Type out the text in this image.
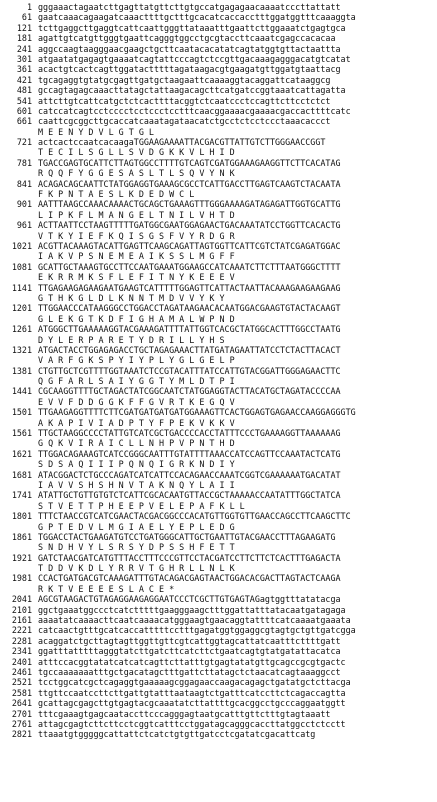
1 gggaaactagaatcttgagttatgttcttgtgccatgagagaacaaaatcccttattatt
61 gaatcaaacagaagatcaaacttttgctttgcacatcaccacctttggatggtttcaaaggta
121 tcttgaggcttgaggtcattcaattgggttataaatttgaattcttggaaatctgagtgca
181 agattgtcatgttgggtgaattcagggtggcctgcgtaccttcaaatcgagccacacaa
241 aggccaagtaagggaacgaagctgcttcaatacacatatcagtatggtgttactaattta
301 atgaatatgagagtgaaaatcagtattcccagtctccgttgacaaagagggacatgtcatat
361 acactgtcactcagttggatactttttagataagacgtgaagatgttggatgtaattacg
421 tgcagaggtgtatgcgagttgatgctaagaattcaaaaggtacaggattcataaggcg
481 gccagtagagcaaacttatagctattaagacagcttcatgatccggtaaatcattagatta
541 attcttgtcattcatgctctcacttttacggtctcaatccctccagttcttcctctct
601 catccatcagtcctcccctcctccctcctttcaacggaaaacgaaaacgaccacttttcatc
661 caattcgcggcttgcaccatcaaatagataacatctgcctctcctccctaaacaccct
M E E N Y D V L G T G L
721 actcactccaatcacaagaTGGAAGAAAATTACGACGTTATTGTCTTGGGAACCGGT
T E C I L S G L L S V D G K K V L H I D
781 TGACCGAGTGCATTCTTAGTGGCCTTTTGTCAGTCGATGGAAAGAAGGTTCTTCACATAG
R Q Q F Y G G E S A S L T L S Q V Y N K
841 ACAGACAGCAATTCTATGGAGGTGAAAGCGCCTCATTGACCTTGAGTCAAGTCTACAATA
F K P N T A E S L K D E D W C L
901 AATTTAAGCCAAACAAAACTGCAGCTGAAAGTTTGGGAAAAGATAGAGATTGGTGCATTG
L I P K F L M A N G E L T N I L V H T D
961 ACTTAATTCCTAAGTTTTTGATGGCGAATGGAGAACTGACAAATATCCTGGTTCACACTG
V T K Y I E F K Q I S G S F V Y R D G R
1021 ACGTTACAAAGTACATTGAGTTCAAGCAGATTAGTGGTTCATTCGTCTATCGAGATGGAC
I A K V P S N E M E A I K S S L M G F F
1081 GCATTGCTAAAGTGCCTTCCAATGAAATGGAAGCCATCAAATCTTCTTTAATGGGCTTTT
E K R R M K S F L E F I T N Y K E E E V
1141 TTGAGAAGAGAAGAATGAAGTCATTTTTGGAGTTCATTACTAATTACAAAGAAGAAGAAG
G T H K G L D L K N N T M D V V Y K Y
1201 TTGGAACCCATAAGGGCCTGGACCTAGATAAGAACACAATGGACGAAGTGTACTACAAGT
G L E K G T K D F I G H A M A L W P N D
1261 ATGGGCTTGAAAAAGGTACGAAAGATTTTATTGGTCACGCTATGGCACTTTGGCCTAATG
D Y L E R P A R E T Y D R I L L Y H S
1321 ATGACTACCTGGAGAGACCTGCTAGAGAAACTTATGATAGAATTATCCTCTACTTACACT
V A R F G K S P Y I Y P L Y G L G E L P
1381 CTGTTGCTCGTTTTGGTAAATCTCCGTACATTTATCCATTGTACGGATTGGGAGAACTTC
Q G F A R L S A I Y G G T Y M L D T P I
1441 CGCAAGGTTTTGCTAGACTATCGGCAATCTATGGAGGTACTTACATGCTAGATACCCCAA
E V V F D D G G K F F G V R T K E G Q V
1501 TTGAAGAGGTTTTCTTCGATGATGATGATGGAAAGTTCACTGGAGTGAGAACCAAGGAGGGTG
A K A P I V I A D P T Y F P E K V K K V
1561 TTGCTAAGGCCCCTATTGTCATCGCTGACCCCACCTATTTCCCTGAAAAGGTTAAAAAAG
G Q K V I R A I C L L N H P V P N T H D
1621 TTGGACAGAAAGTCATCCGGGCAATTTGTATTTTAAACCATCCAGTTCCAAATACTCATG
S D S A Q I I I P Q N Q I G R K N D I Y
1681 ATACGGACTCTGCCCAGATCATCATTCCACAGAACCAAATCGGTCGAAAAAATGACATAT
I A V V S H S H N V T A K N Q Y L A I I
1741 ATATTGCTGTTGTGTCTCATTCGCACAATGTTACCGCTAAAAACCAATATTTGGCTATCA
S T V E T T P H E E P V E L E P A F K L L
1801 TTTCTAACCGTCATCGAACTACGACGGCCCACATGTTGGTGTTGAACCAGCCTTCAAGCTTC
G P T E D V L M G I A E L Y E P L E D G
1861 TGGACCTACTGAAGATGTCCTGATGGGCATTGCTGAATTGTACGAACCTTTAGAAGATG
S N D H V Y L S R S Y D P S S H F E T T
1921 GATCTAACGATCATGTTTACCTTTCCCGTTCCTACGATCCTTCTTCTCACTTTGAGACTA
T D D V K D L Y R R V T G H R L L N L K
1981 CCACTGATGACGTCAAAGATTTGTACAGACGAGTAACTGGACACGACTTAGTACTCAAGA
R K T V E E E E S L A C E *
2041 AGCGTAAGACTGTAGAGGAAGAGGAATCCCTCGCTTGTGAGTAGagtggtttatatacga
2101 ggctgaaatggccctcatctttttgaagggaagctttggattatttatacaatgatagaga
2161 aaaatatcaaaacttcaatcaaaacatgggaagtgaacaggtattttcatcaaaatgaaata
2221 catcaactgtttgcatcaccatttttcctttgagatggtggaggcgtagtgctgttgatcgga
2281 acaggatctgcttagtagttggttgttcgtcattggtagcattatcaatttcttttgatt
2341 ggatttatttttagggtatcttgatcttcatcttctgaatcagtgtatgatattacatca
2401 atttccacggtatatcatcatcagttcttatttgtgagtatatgttgcagccgcgtgactc
2461 tgccaaaaaaatttgctgacatagctttgattcttatagctctaacatcagtaaaggcct
2521 tcctggcatcgctcagaggtgaaaaagcggagaaccaagacagagctgatatgctcttacga
2581 ttgttccaatccttcttgattgtatttaataagtctgatttcatccttctcagaccagtta
2641 gcattagcgagcttgtgagtacgcaaatatcttattttgcacggcctgcccaggaatggtt
2701 tttcgaaagtgagcaataccttcccagggagtaatgcatttgttctttgtagtaaatt
2761 attagcgagtcttcttcctcggtcatttcctggatagcagggcaccttatggcctctcctt
2821 ttaaatgtgggggcattattctcatctgtgttgatcctcgatatcgacattcatg
